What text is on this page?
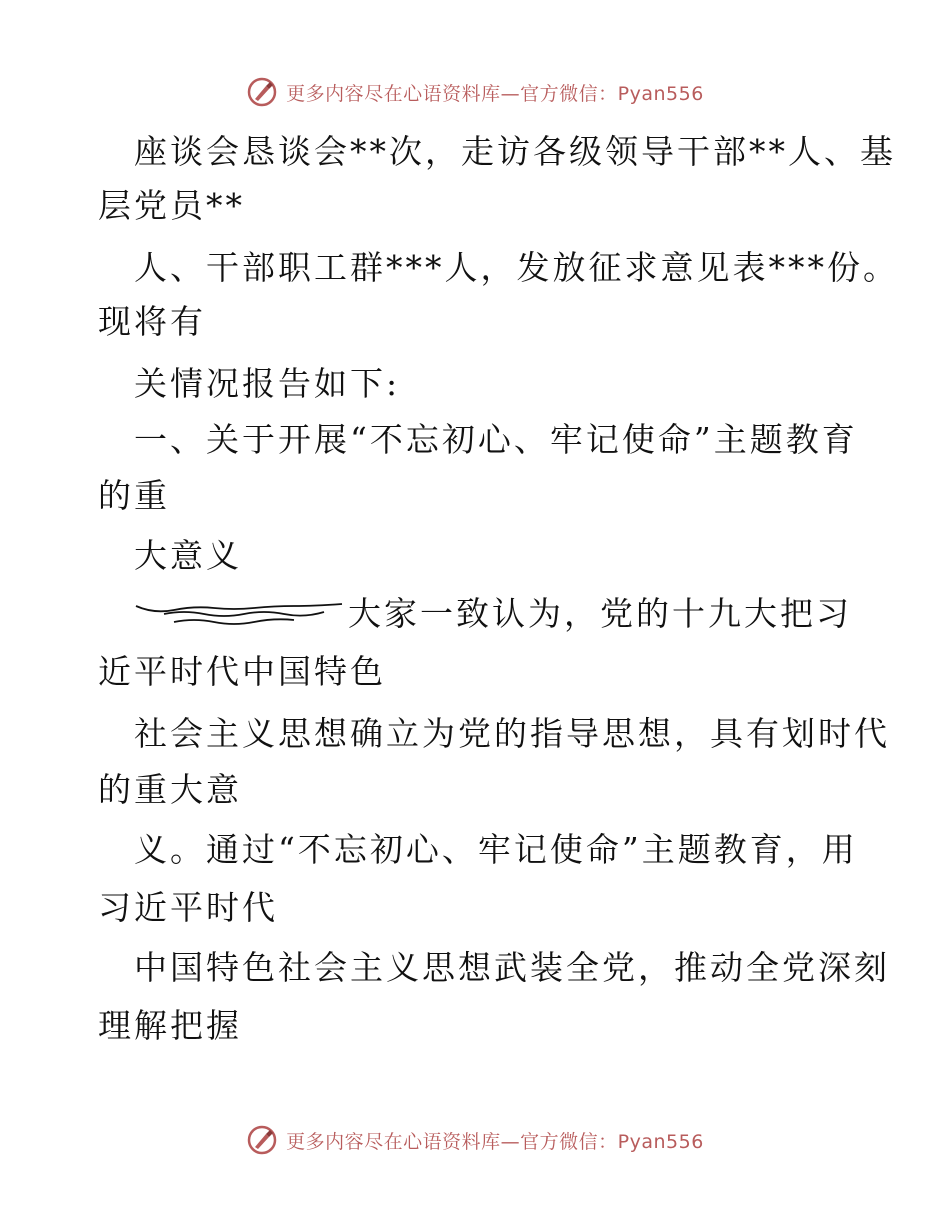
更多内容尽在心语资料库—官方微信：Pyan556
座谈会恳谈会**次，走访各级领导干部**人、基
层党员**
人、干部职工群***人，发放征求意见表***份。
现将有
关情况报告如下:
一、关于开展“不忘初心、牢记使命”主题教育
的重
大意义
大家一致认为，党的十九大把习
近平时代中国特色
社会主义思想确立为党的指导思想，具有划时代
的重大意
义。通过“不忘初心、牢记使命”主题教育，用
习近平时代
中国特色社会主义思想武装全党，推动全党深刻
理解把握
更多内容尽在心语资料库—官方微信：Pyan556
